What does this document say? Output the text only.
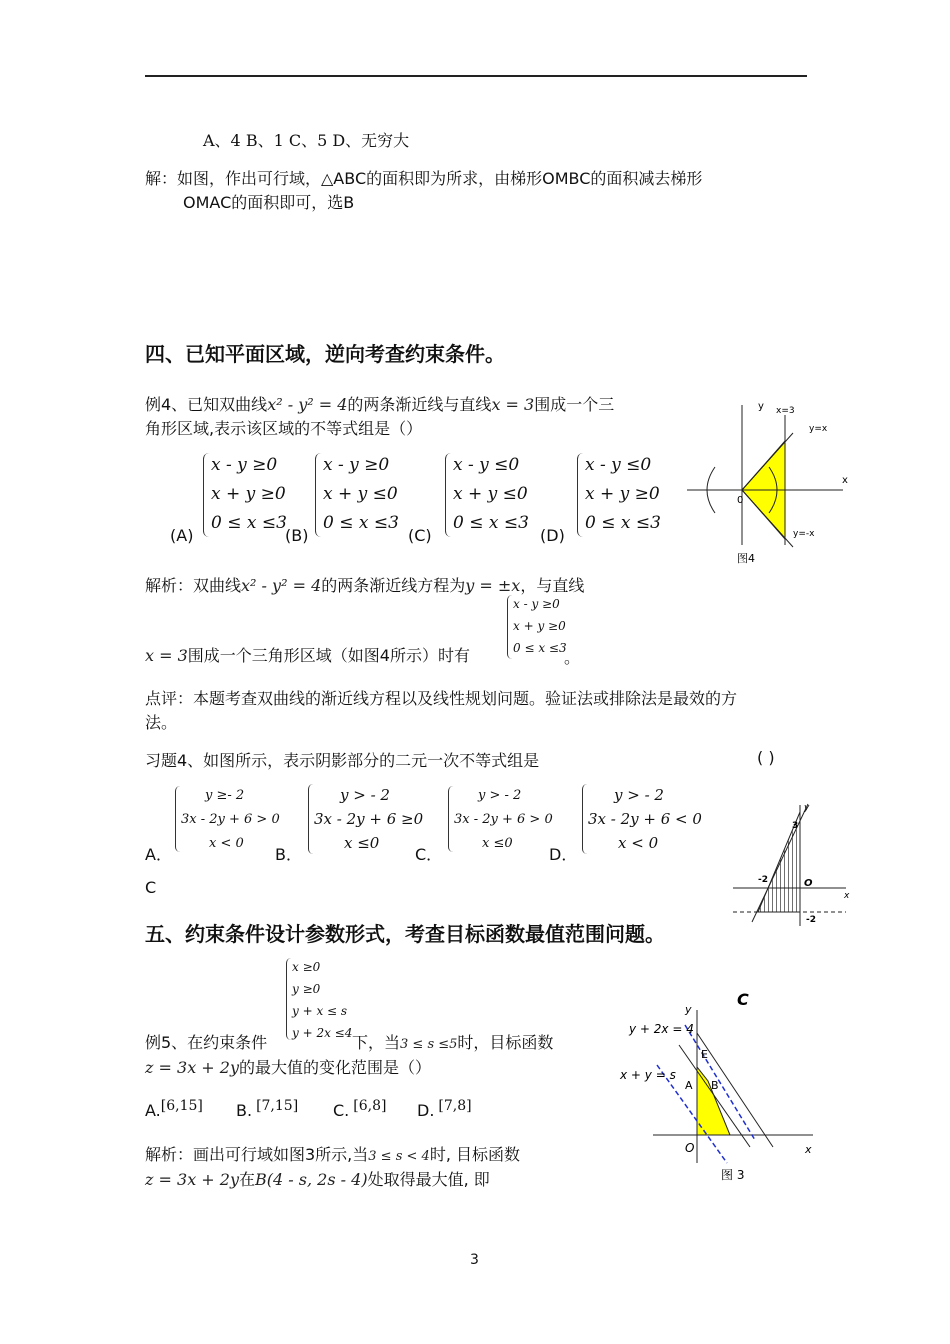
A、4 B、1 C、5 D、无穷大
解：如图，作出可行域，△ABC的面积即为所求，由梯形OMBC的面积减去梯形
OMAC的面积即可，选B
四、已知平面区域，逆向考查约束条件。
例4、已知双曲线x² - y² = 4的两条渐近线与直线x = 3围成一个三
角形区域,表示该区域的不等式组是（）
(A)
x - y ≥0
x + y ≥0
0 ≤ x ≤3
(B)
x - y ≥0
x + y ≤0
0 ≤ x ≤3
(C)
x - y ≤0
x + y ≤0
0 ≤ x ≤3
(D)
x - y ≤0
x + y ≥0
0 ≤ x ≤3
y x=3
y=x
x
0
y=-x
图4
解析：双曲线x² - y² = 4的两条渐近线方程为y = ±x，与直线
x = 3围成一个三角形区域（如图4所示）时有
x - y ≥0
x + y ≥0
0 ≤ x ≤3
。
点评：本题考查双曲线的渐近线方程以及线性规划问题。验证法或排除法是最效的方
法。
习题4、如图所示，表示阴影部分的二元一次不等式组是	( )
A．
y ≥- 2
3x - 2y + 6 > 0
x < 0
B．
y > - 2
3x - 2y + 6 ≥0
x ≤0
C．
y > - 2
3x - 2y + 6 > 0
x ≤0
D．
y > - 2
3x - 2y + 6 < 0
x < 0
C
y
3
-2	O
x
-2
五、约束条件设计参数形式，考查目标函数最值范围问题。
x ≥0
y ≥0
y + x ≤ s
y + 2x ≤4
例5、在约束条件	下，当3 ≤ s ≤5时，目标函数
z = 3x + 2y的最大值的变化范围是（）
A.[6,15] B. [7,15] C. [6,8] D. [7,8]
C
y
y + 2x = 4
E
x + y = s
A B
O	x
图 3
解析：画出可行域如图3所示,当3 ≤ s < 4时, 目标函数
z = 3x + 2y在B(4 - s, 2s - 4)处取得最大值, 即
3
